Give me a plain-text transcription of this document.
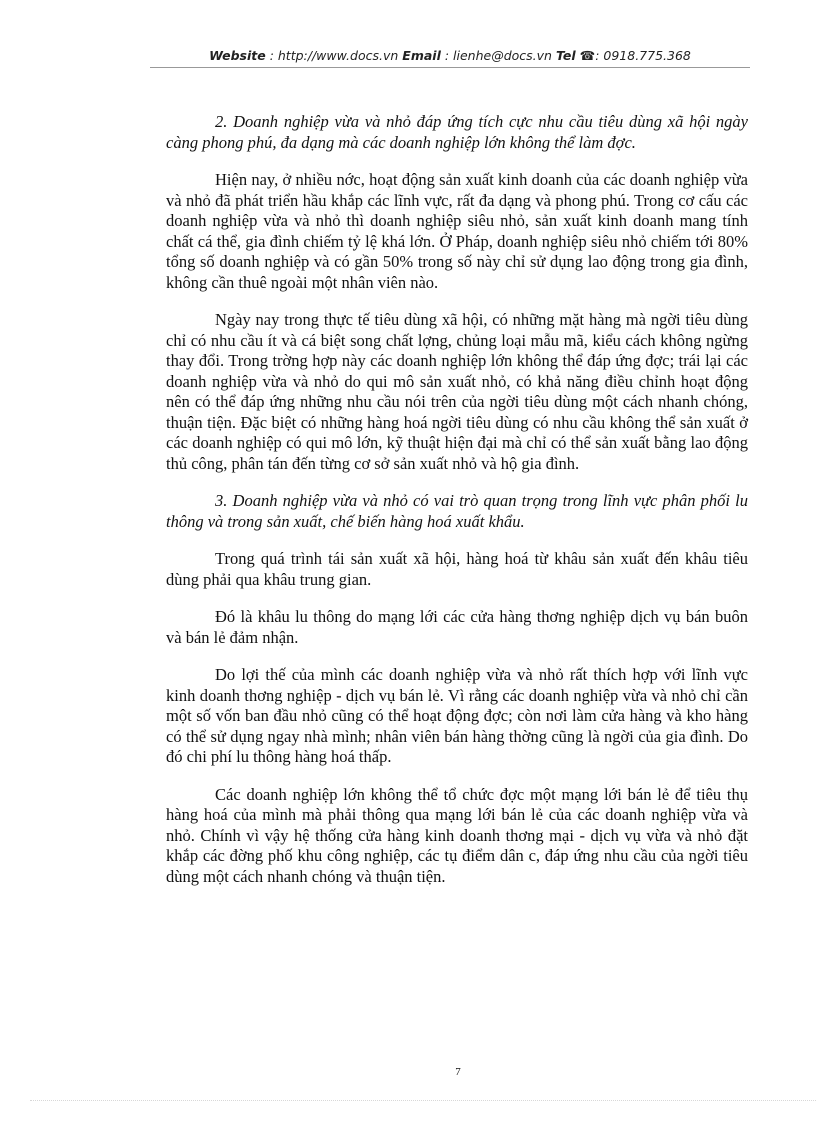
Website : http://www.docs.vn Email : lienhe@docs.vn Tel ☎: 0918.775.368

2. Doanh nghiệp vừa và nhỏ đáp ứng tích cực nhu cầu tiêu dùng xã hội ngày càng phong phú, đa dạng mà các doanh nghiệp lớn không thể làm đợc.

Hiện nay, ở nhiều nớc, hoạt động sản xuất kinh doanh của các doanh nghiệp vừa và nhỏ đã phát triển hầu khắp các lĩnh vực, rất đa dạng và phong phú. Trong cơ cấu các doanh nghiệp vừa và nhỏ thì doanh nghiệp siêu nhỏ, sản xuất kinh doanh mang tính chất cá thể, gia đình chiếm tỷ lệ khá lớn. Ở Pháp, doanh nghiệp siêu nhỏ chiếm tới 80% tổng số doanh nghiệp và có gần 50% trong số này chỉ sử dụng lao động trong gia đình, không cần thuê ngoài một nhân viên nào.

Ngày nay trong thực tế tiêu dùng xã hội, có những mặt hàng mà ngời tiêu dùng chỉ có nhu cầu ít và cá biệt song chất lợng, chủng loại mẫu mã, kiểu cách không ngừng thay đổi. Trong trờng hợp này các doanh nghiệp lớn không thể đáp ứng đợc; trái lại các doanh nghiệp vừa và nhỏ do qui mô sản xuất nhỏ, có khả năng điều chỉnh hoạt động nên có thể đáp ứng những nhu cầu nói trên của ngời tiêu dùng một cách nhanh chóng, thuận tiện. Đặc biệt có những hàng hoá ngời tiêu dùng có nhu cầu không thể sản xuất ở các doanh nghiệp có qui mô lớn, kỹ thuật hiện đại mà chỉ có thể sản xuất bằng lao động thủ công, phân tán đến từng cơ sở sản xuất nhỏ và hộ gia đình.

3. Doanh nghiệp vừa và nhỏ có vai trò quan trọng trong lĩnh vực phân phối lu thông và trong sản xuất, chế biến hàng hoá xuất khẩu.

Trong quá trình tái sản xuất xã hội, hàng hoá từ khâu sản xuất đến khâu tiêu dùng phải qua khâu trung gian.

Đó là khâu lu thông do mạng lới các cửa hàng thơng nghiệp dịch vụ bán buôn và bán lẻ đảm nhận.

Do lợi thế của mình các doanh nghiệp vừa và nhỏ rất thích hợp với lĩnh vực kinh doanh thơng nghiệp - dịch vụ bán lẻ. Vì rằng các doanh nghiệp vừa và nhỏ chỉ cần một số vốn ban đầu nhỏ cũng có thể hoạt động đợc; còn nơi làm cửa hàng và kho hàng có thể sử dụng ngay nhà mình; nhân viên bán hàng thờng cũng là ngời của gia đình. Do đó chi phí lu thông hàng hoá thấp.

Các doanh nghiệp lớn không thể tổ chức đợc một mạng lới bán lẻ để tiêu thụ hàng hoá của mình mà phải thông qua mạng lới bán lẻ của các doanh nghiệp vừa và nhỏ. Chính vì vậy hệ thống cửa hàng kinh doanh thơng mại - dịch vụ vừa và nhỏ đặt khắp các đờng phố khu công nghiệp, các tụ điểm dân c, đáp ứng nhu cầu của ngời tiêu dùng một cách nhanh chóng và thuận tiện.

7
